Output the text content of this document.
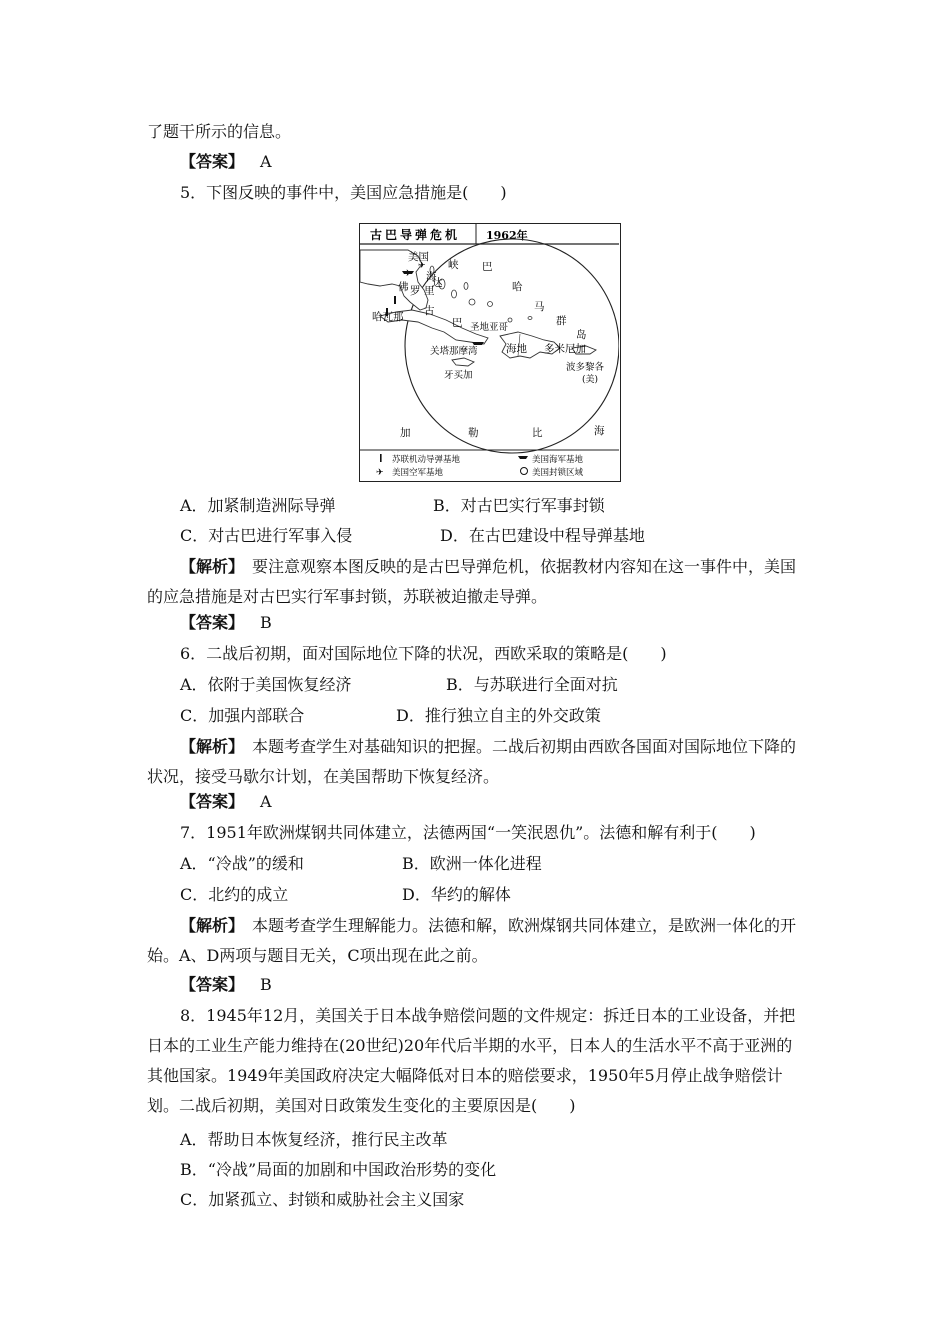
了题干所示的信息。
【答案】 A
5．下图反映的事件中，美国应急措施是(　　)
古巴导弹危机 1962年
✈
美国
峡 巴
海
达	哈
佛 罗 里
马
哈瓦那 古
群
巴 圣地亚哥
岛
关塔那摩湾	海地 多米尼加
牙买加
波多黎各
(美)
加	勒	比	海
苏联机动导弹基地	美国海军基地
✈ 美国空军基地	美国封锁区域
A．加紧制造洲际导弹	B．对古巴实行军事封锁
C．对古巴进行军事入侵	D．在古巴建设中程导弹基地
【解析】　要注意观察本图反映的是古巴导弹危机，依据教材内容知在这一事件中，美国的应急措施是对古巴实行军事封锁，苏联被迫撤走导弹。
【答案】 B
6．二战后初期，面对国际地位下降的状况，西欧采取的策略是(　　)
A．依附于美国恢复经济	B．与苏联进行全面对抗
C．加强内部联合	D．推行独立自主的外交政策
【解析】　本题考查学生对基础知识的把握。二战后初期由西欧各国面对国际地位下降的状况，接受马歇尔计划，在美国帮助下恢复经济。
【答案】 A
7．1951年欧洲煤钢共同体建立，法德两国“一笑泯恩仇”。法德和解有利于(　　)
A．“冷战”的缓和	B．欧洲一体化进程
C．北约的成立	D．华约的解体
【解析】　本题考查学生理解能力。法德和解，欧洲煤钢共同体建立，是欧洲一体化的开始。A、D两项与题目无关，C项出现在此之前。
【答案】 B
8．1945年12月，美国关于日本战争赔偿问题的文件规定：拆迁日本的工业设备，并把日本的工业生产能力维持在(20世纪)20年代后半期的水平，日本人的生活水平不高于亚洲的其他国家。1949年美国政府决定大幅降低对日本的赔偿要求，1950年5月停止战争赔偿计划。二战后初期，美国对日政策发生变化的主要原因是(　　)
A．帮助日本恢复经济，推行民主改革
B．“冷战”局面的加剧和中国政治形势的变化
C．加紧孤立、封锁和威胁社会主义国家
